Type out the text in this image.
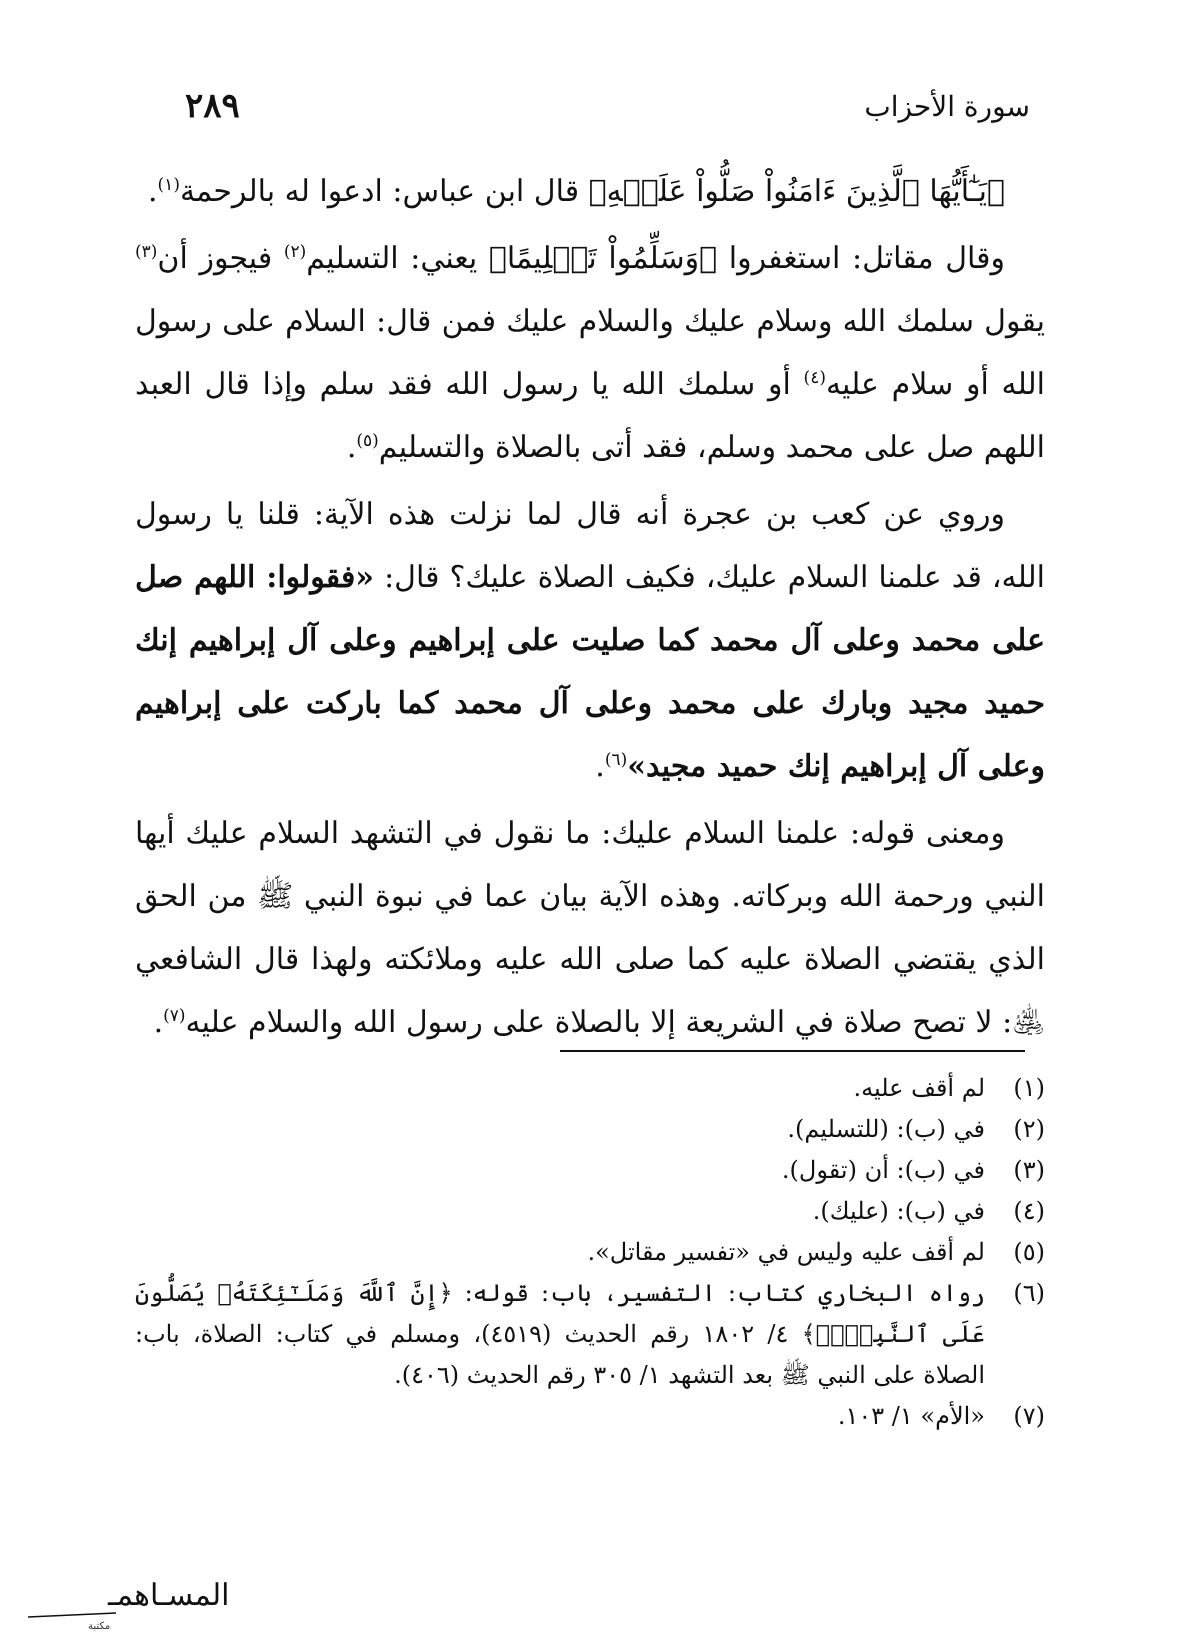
سورة الأحزاب
٢٨٩

﴿يَـٰٓأَيُّهَا ٱلَّذِينَ ءَامَنُواْ صَلُّواْ عَلَيۡهِ﴾ قال ابن عباس: ادعوا له بالرحمة$^{(١)}$.

وقال مقاتل: استغفروا ﴿وَسَلِّمُواْ تَسۡلِيمًا﴾ يعني: التسليم$^{(٢)}$ فيجوز أن$^{(٣)}$ يقول سلمك الله وسلام عليك والسلام عليك فمن قال: السلام على رسول الله أو سلام عليه$^{(٤)}$ أو سلمك الله يا رسول الله فقد سلم وإذا قال العبد اللهم صل على محمد وسلم، فقد أتى بالصلاة والتسليم$^{(٥)}$.

وروي عن كعب بن عجرة أنه قال لما نزلت هذه الآية: قلنا يا رسول الله، قد علمنا السلام عليك، فكيف الصلاة عليك؟ قال: «فقولوا: اللهم صل على محمد وعلى آل محمد كما صليت على إبراهيم وعلى آل إبراهيم إنك حميد مجيد وبارك على محمد وعلى آل محمد كما باركت على إبراهيم وعلى آل إبراهيم إنك حميد مجيد»$^{(٦)}$.

ومعنى قوله: علمنا السلام عليك: ما نقول في التشهد السلام عليك أيها النبي ورحمة الله وبركاته. وهذه الآية بيان عما في نبوة النبي ﷺ من الحق الذي يقتضي الصلاة عليه كما صلى الله عليه وملائكته ولهذا قال الشافعي ﵁: لا تصح صلاة في الشريعة إلا بالصلاة على رسول الله والسلام عليه$^{(٧)}$.

(١)
لم أقف عليه.
(٢)
في (ب): (للتسليم).
(٣)
في (ب): أن (تقول).
(٤)
في (ب): (عليك).
(٥)
لم أقف عليه وليس في «تفسير مقاتل».
(٦)
رواه البخاري كتاب: التفسير، باب: قوله: ﴿إِنَّ ٱللَّهَ وَمَلَـٰٓئِكَتَهُۥ يُصَلُّونَ عَلَى ٱلنَّبِيِّۚ﴾ ٤/ ١٨٠٢ رقم الحديث (٤٥١٩)، ومسلم في كتاب: الصلاة، باب: الصلاة على النبي ﷺ بعد التشهد ١/ ٣٠٥ رقم الحديث (٤٠٦).
(٧)
«الأم» ١/ ١٠٣.
المسـاهمـ
مكتبة
